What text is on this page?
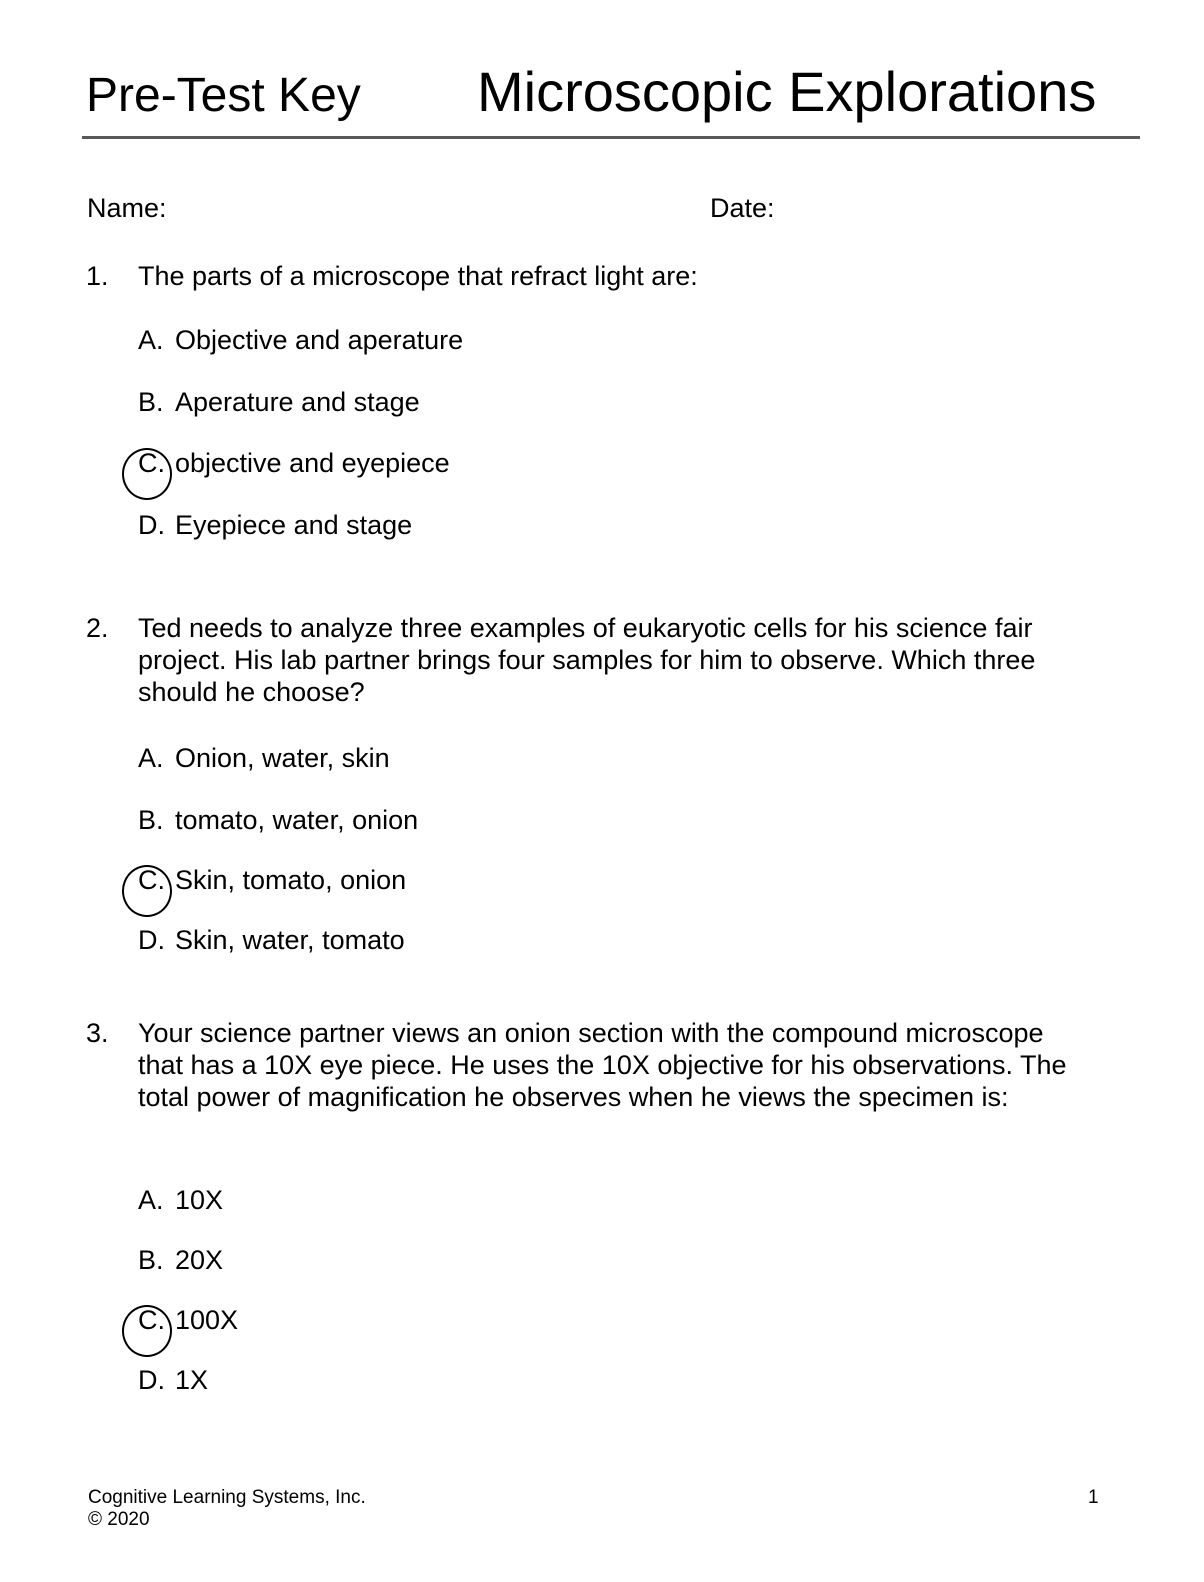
Pre-Test Key Microscopic Explorations
Name:	Date:
1.	The parts of a microscope that refract light are:
A. Objective and aperature
B. Aperature and stage
C. objective and eyepiece
D. Eyepiece and stage
2.	Ted needs to analyze three examples of eukaryotic cells for his science fair project. His lab partner brings four samples for him to observe. Which three should he choose?
A. Onion, water, skin
B. tomato, water, onion
C. Skin, tomato, onion
D. Skin, water, tomato
3.	Your science partner views an onion section with the compound microscope that has a 10X eye piece. He uses the 10X objective for his observations. The total power of magnification he observes when he views the specimen is:
A. 10X
B. 20X
C. 100X
D. 1X
Cognitive Learning Systems, Inc.
© 2020
1
